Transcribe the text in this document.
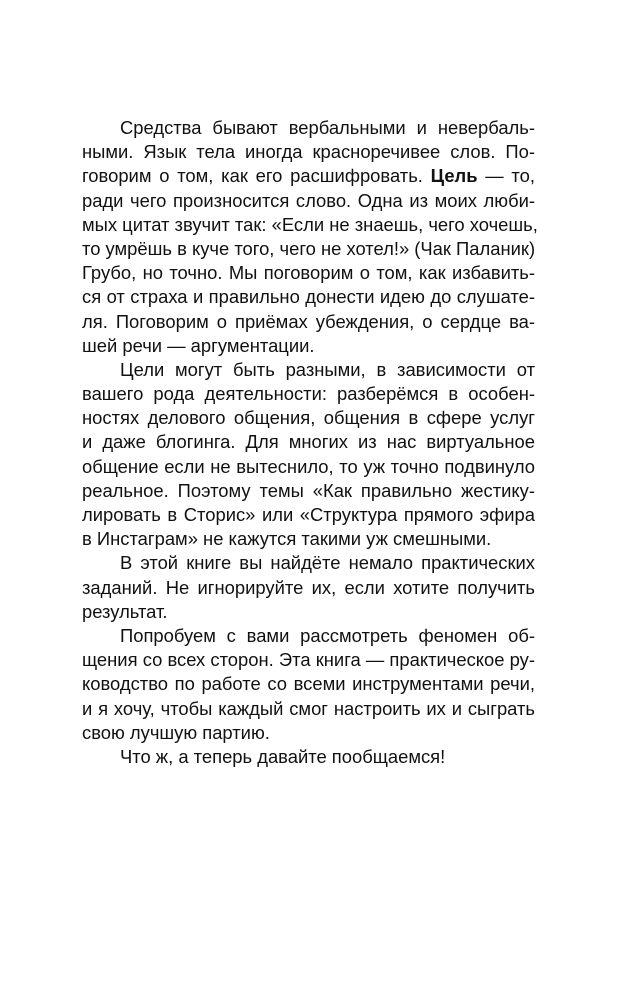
Средства бывают вербальными и невербаль-
ными. Язык тела иногда красноречивее слов. По-
говорим о том, как его расшифровать. Цель — то,
ради чего произносится слово. Одна из моих люби-
мых цитат звучит так: «Если не знаешь, чего хочешь,
то умрёшь в куче того, чего не хотел!» (Чак Паланик)
Грубо, но точно. Мы поговорим о том, как избавить-
ся от страха и правильно донести идею до слушате-
ля. Поговорим о приёмах убеждения, о сердце ва-
шей речи — аргументации.
Цели могут быть разными, в зависимости от
вашего рода деятельности: разберёмся в особен-
ностях делового общения, общения в сфере услуг
и даже блогинга. Для многих из нас виртуальное
общение если не вытеснило, то уж точно подвинуло
реальное. Поэтому темы «Как правильно жестику-
лировать в Сторис» или «Структура прямого эфира
в Инстаграм» не кажутся такими уж смешными.
В этой книге вы найдёте немало практических
заданий. Не игнорируйте их, если хотите получить
результат.
Попробуем с вами рассмотреть феномен об-
щения со всех сторон. Эта книга — практическое ру-
ководство по работе со всеми инструментами речи,
и я хочу, чтобы каждый смог настроить их и сыграть
свою лучшую партию.
Что ж, а теперь давайте пообщаемся!
